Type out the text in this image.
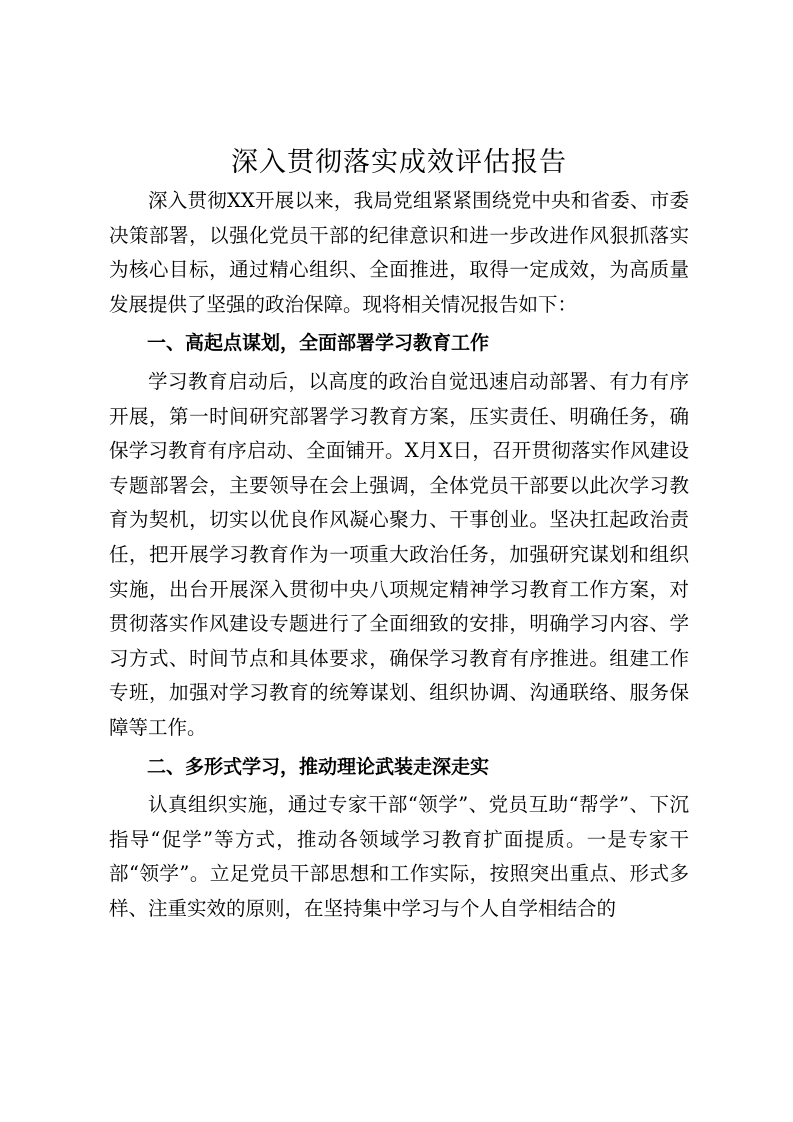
深入贯彻落实成效评估报告

深入贯彻XX开展以来，我局党组紧紧围绕党中央和省委、市委决策部署，以强化党员干部的纪律意识和进一步改进作风狠抓落实为核心目标，通过精心组织、全面推进，取得一定成效，为高质量发展提供了坚强的政治保障。现将相关情况报告如下：

一、高起点谋划，全面部署学习教育工作

学习教育启动后，以高度的政治自觉迅速启动部署、有力有序开展，第一时间研究部署学习教育方案，压实责任、明确任务，确保学习教育有序启动、全面铺开。X月X日，召开贯彻落实作风建设专题部署会，主要领导在会上强调，全体党员干部要以此次学习教育为契机，切实以优良作风凝心聚力、干事创业。坚决扛起政治责任，把开展学习教育作为一项重大政治任务，加强研究谋划和组织实施，出台开展深入贯彻中央八项规定精神学习教育工作方案，对贯彻落实作风建设专题进行了全面细致的安排，明确学习内容、学习方式、时间节点和具体要求，确保学习教育有序推进。组建工作专班，加强对学习教育的统筹谋划、组织协调、沟通联络、服务保障等工作。

二、多形式学习，推动理论武装走深走实

认真组织实施，通过专家干部“领学”、党员互助“帮学”、下沉指导“促学”等方式，推动各领域学习教育扩面提质。一是专家干部“领学”。立足党员干部思想和工作实际，按照突出重点、形式多样、注重实效的原则，在坚持集中学习与个人自学相结合的
